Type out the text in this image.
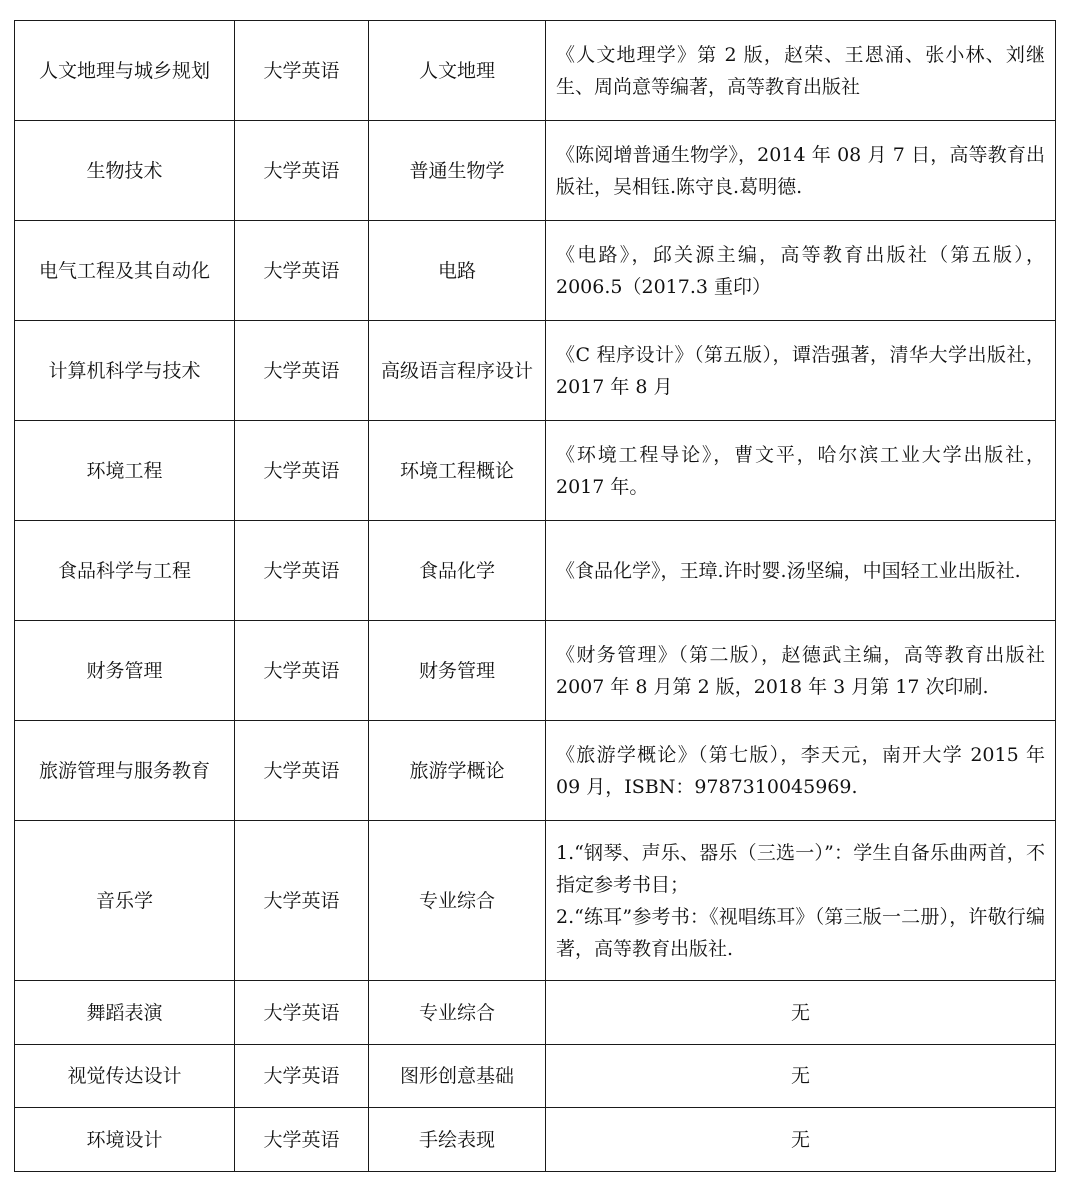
人文地理与城乡规划	大学英语	人文地理	《人文地理学》第 2 版，赵荣、王恩涌、张小林、刘继生、周尚意等编著，高等教育出版社

生物技术	大学英语	普通生物学	《陈阅增普通生物学》，2014 年 08 月 7 日，高等教育出版社，吴相钰.陈守良.葛明德.

电气工程及其自动化	大学英语	电路	《电路》，邱关源主编，高等教育出版社（第五版），2006.5（2017.3 重印）

计算机科学与技术	大学英语	高级语言程序设计	《C 程序设计》（第五版），谭浩强著，清华大学出版社，2017 年 8 月

环境工程	大学英语	环境工程概论	《环境工程导论》，曹文平，哈尔滨工业大学出版社，2017 年。

食品科学与工程	大学英语	食品化学	《食品化学》，王璋.许时婴.汤坚编，中国轻工业出版社.

财务管理	大学英语	财务管理	《财务管理》（第二版），赵德武主编，高等教育出版社 2007 年 8 月第 2 版，2018 年 3 月第 17 次印刷.

旅游管理与服务教育	大学英语	旅游学概论	《旅游学概论》（第七版），李天元，南开大学 2015 年 09 月，ISBN：9787310045969.

音乐学	大学英语	专业综合	1.“钢琴、声乐、器乐（三选一）”：学生自备乐曲两首，不指定参考书目；
2.“练耳”参考书：《视唱练耳》（第三版一二册），许敬行编著，高等教育出版社.

舞蹈表演	大学英语	专业综合	无

视觉传达设计	大学英语	图形创意基础	无

环境设计	大学英语	手绘表现	无
